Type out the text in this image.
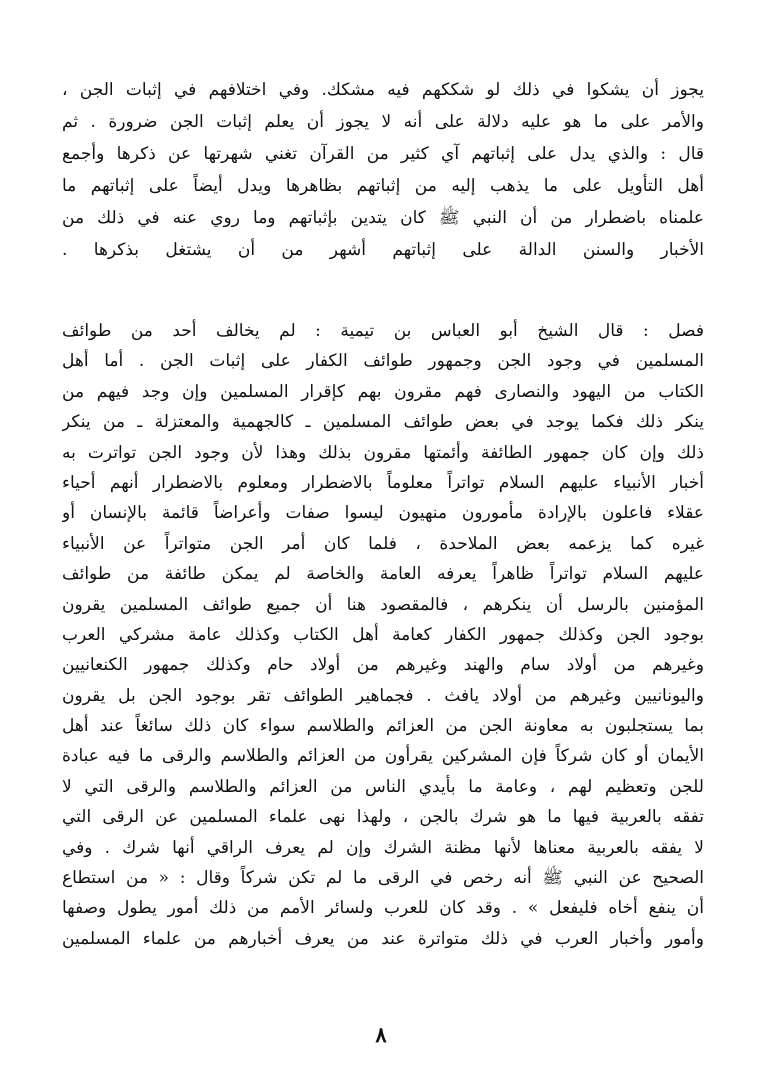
يجوز أن يشكوا في ذلك لو شككهم فيه مشكك. وفي اختلافهم في إثبات الجن ،
والأمر على ما هو عليه دلالة على أنه لا يجوز أن يعلم إثبات الجن ضرورة . ثم
قال : والذي يدل على إثباتهم آي كثير من القرآن تغني شهرتها عن ذكرها وأجمع
أهل التأويل على ما يذهب إليه من إثباتهم بظاهرها ويدل أيضاً على إثباتهم ما
علمناه باضطرار من أن النبي ﷺ كان يتدين بإثباتهم وما روي عنه في ذلك من
الأخبار والسنن الدالة على إثباتهم أشهر من أن يشتغل بذكرها .
فصل : قال الشيخ أبو العباس بن تيمية : لم يخالف أحد من طوائف
المسلمين في وجود الجن وجمهور طوائف الكفار على إثبات الجن . أما أهل
الكتاب من اليهود والنصارى فهم مقرون بهم كإقرار المسلمين وإن وجد فيهم من
ينكر ذلك فكما يوجد في بعض طوائف المسلمين ـ كالجهمية والمعتزلة ـ من ينكر
ذلك وإن كان جمهور الطائفة وأئمتها مقرون بذلك وهذا لأن وجود الجن تواترت به
أخبار الأنبياء عليهم السلام تواتراً معلوماً بالاضطرار ومعلوم بالاضطرار أنهم أحياء
عقلاء فاعلون بالإرادة مأمورون منهيون ليسوا صفات وأعراضاً قائمة بالإنسان أو
غيره كما يزعمه بعض الملاحدة ، فلما كان أمر الجن متواتراً عن الأنبياء
عليهم السلام تواتراً ظاهراً يعرفه العامة والخاصة لم يمكن طائفة من طوائف
المؤمنين بالرسل أن ينكرهم ، فالمقصود هنا أن جميع طوائف المسلمين يقرون
بوجود الجن وكذلك جمهور الكفار كعامة أهل الكتاب وكذلك عامة مشركي العرب
وغيرهم من أولاد سام والهند وغيرهم من أولاد حام وكذلك جمهور الكنعانيين
واليونانيين وغيرهم من أولاد يافث . فجماهير الطوائف تقر بوجود الجن بل يقرون
بما يستجلبون به معاونة الجن من العزائم والطلاسم سواء كان ذلك سائغاً عند أهل
الأيمان أو كان شركاً فإن المشركين يقرأون من العزائم والطلاسم والرقى ما فيه عبادة
للجن وتعظيم لهم ، وعامة ما بأيدي الناس من العزائم والطلاسم والرقى التي لا
تفقه بالعربية فيها ما هو شرك بالجن ، ولهذا نهى علماء المسلمين عن الرقى التي
لا يفقه بالعربية معناها لأنها مظنة الشرك وإن لم يعرف الراقي أنها شرك . وفي
الصحيح عن النبي ﷺ أنه رخص في الرقى ما لم تكن شركاً وقال : « من استطاع
أن ينفع أخاه فليفعل » . وقد كان للعرب ولسائر الأمم من ذلك أمور يطول وصفها
وأمور وأخبار العرب في ذلك متواترة عند من يعرف أخبارهم من علماء المسلمين
٨
